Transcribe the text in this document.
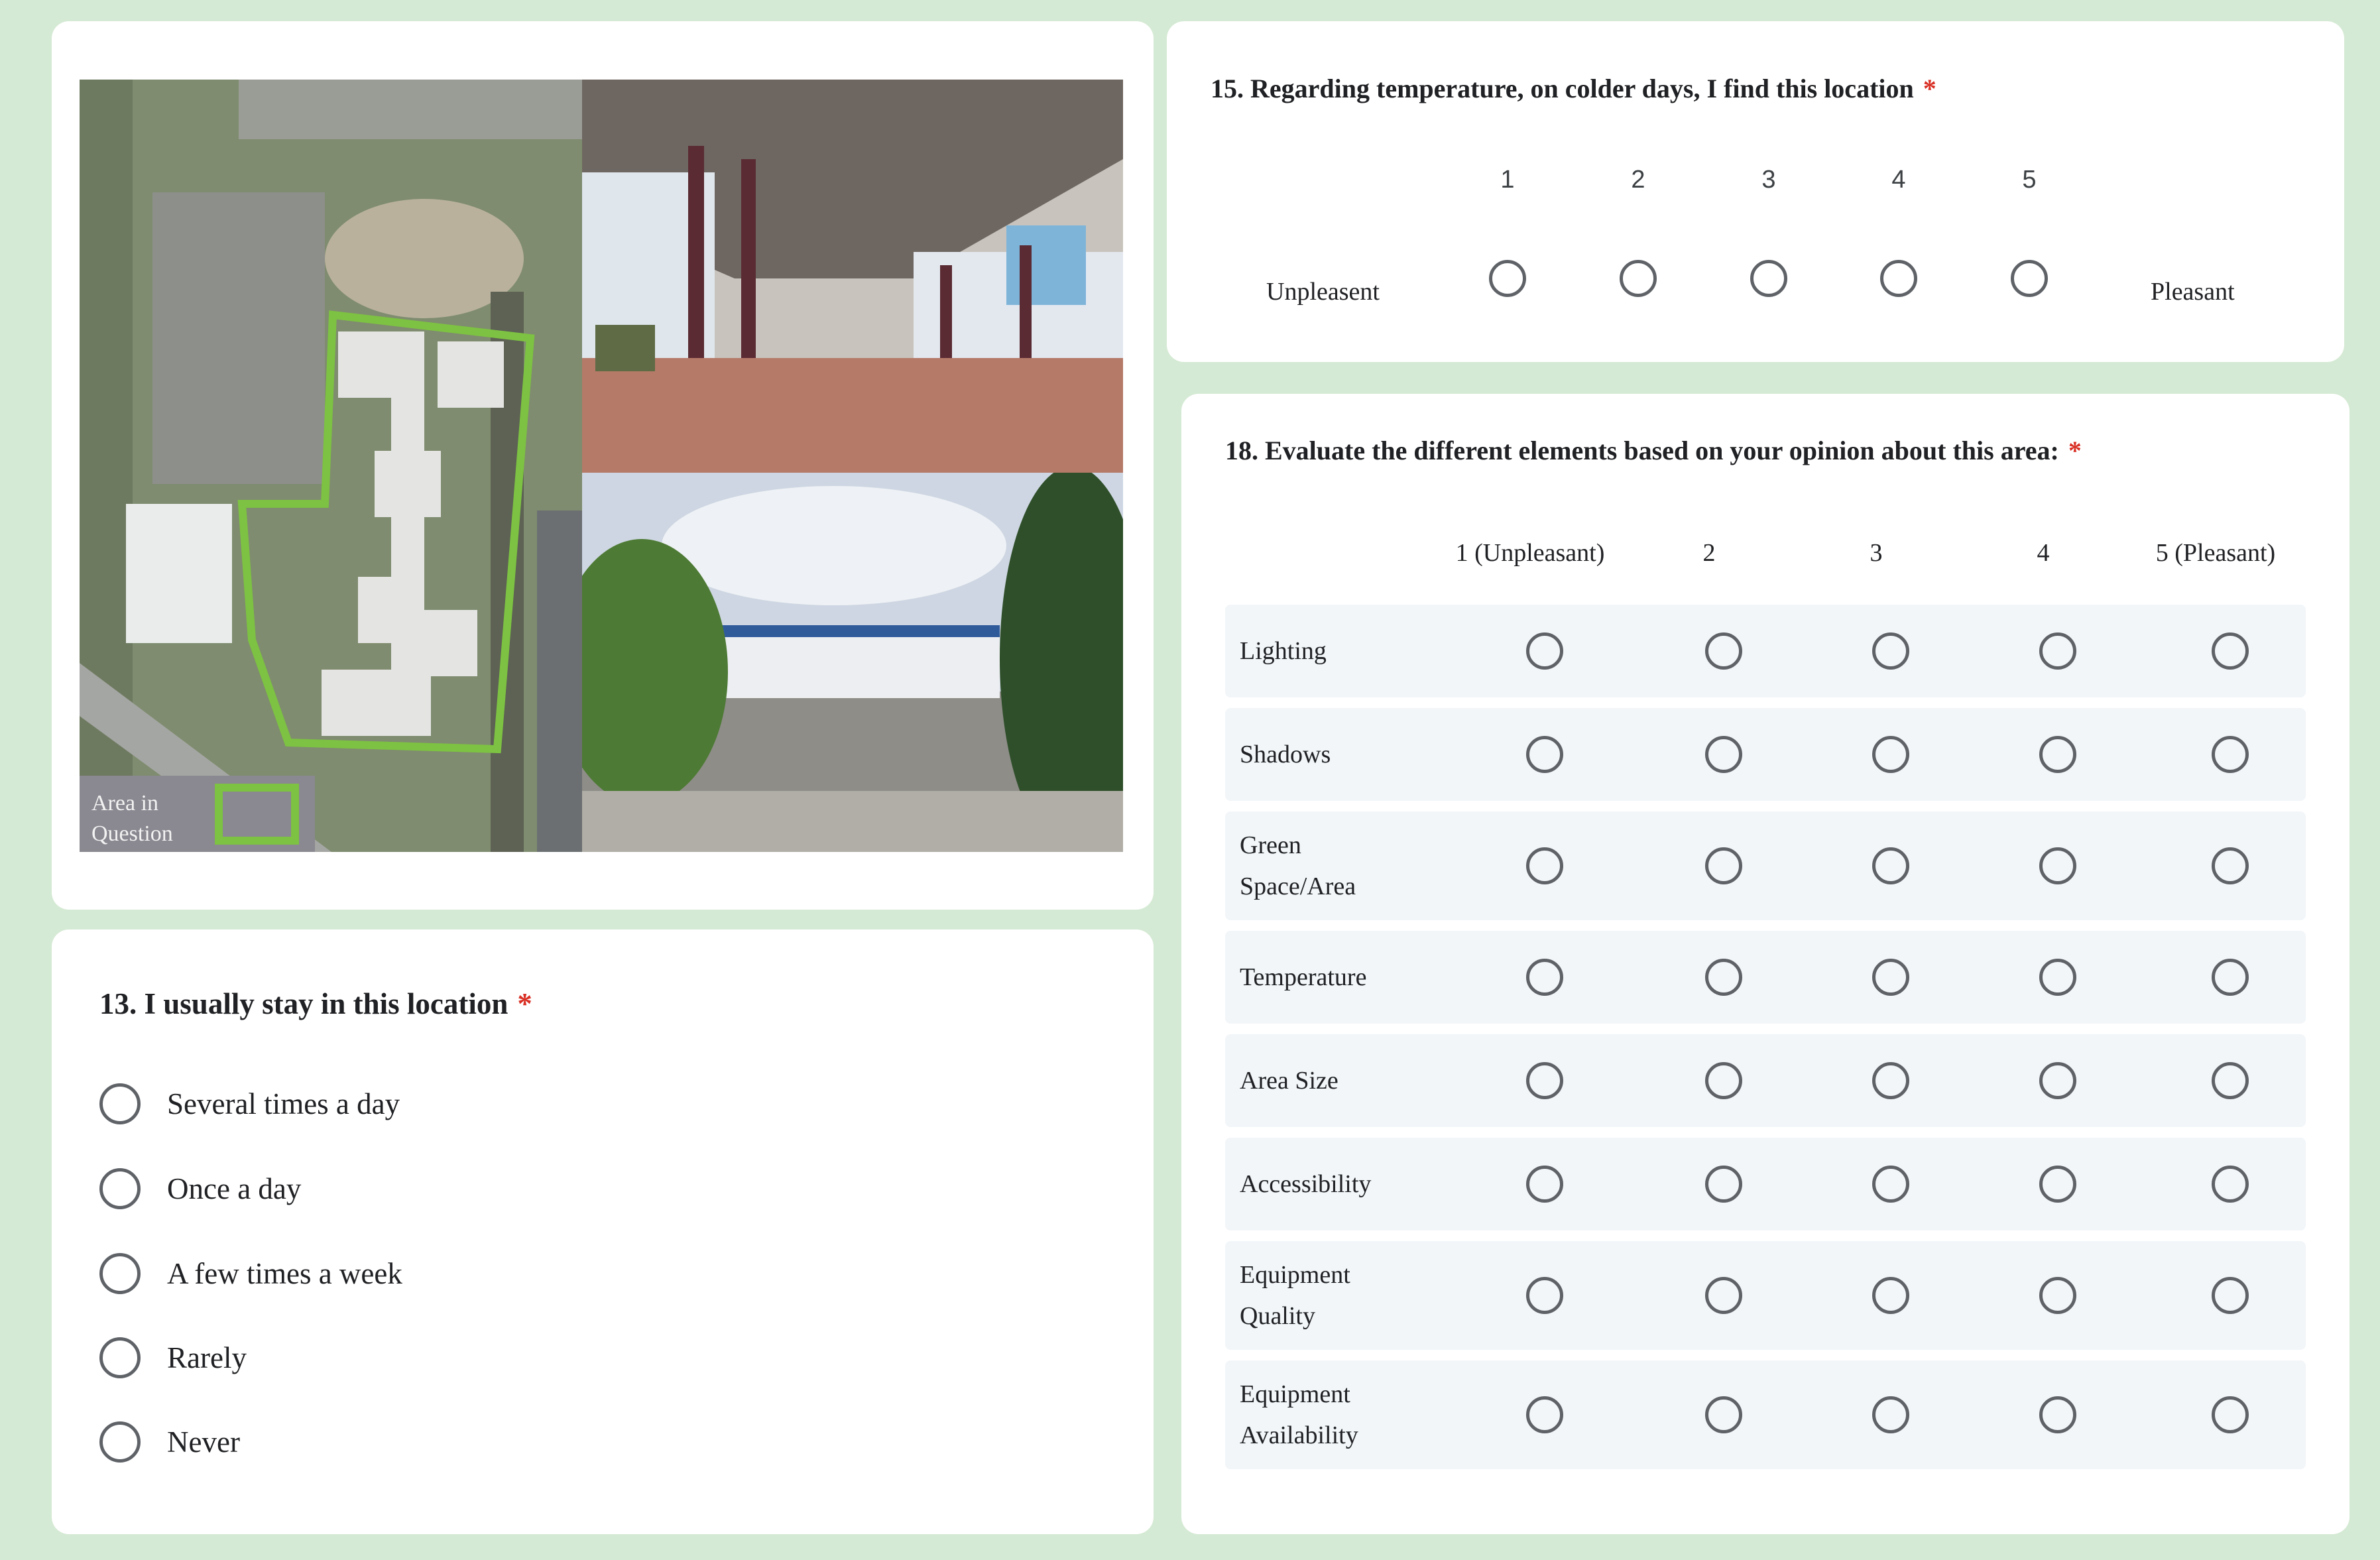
Area in
Question
13. I usually stay in this location *
Several times a day
Once a day
A few times a week
Rarely
Never
15. Regarding temperature, on colder days, I find this location *
1	2	3	4	5
Unpleasent	Pleasant
18. Evaluate the different elements based on your opinion about this area: *
1 (Unpleasant)	2	3	4	5 (Pleasant)
Lighting
Shadows
Green Space/Area
Temperature
Area Size
Accessibility
Equipment Quality
Equipment Availability
